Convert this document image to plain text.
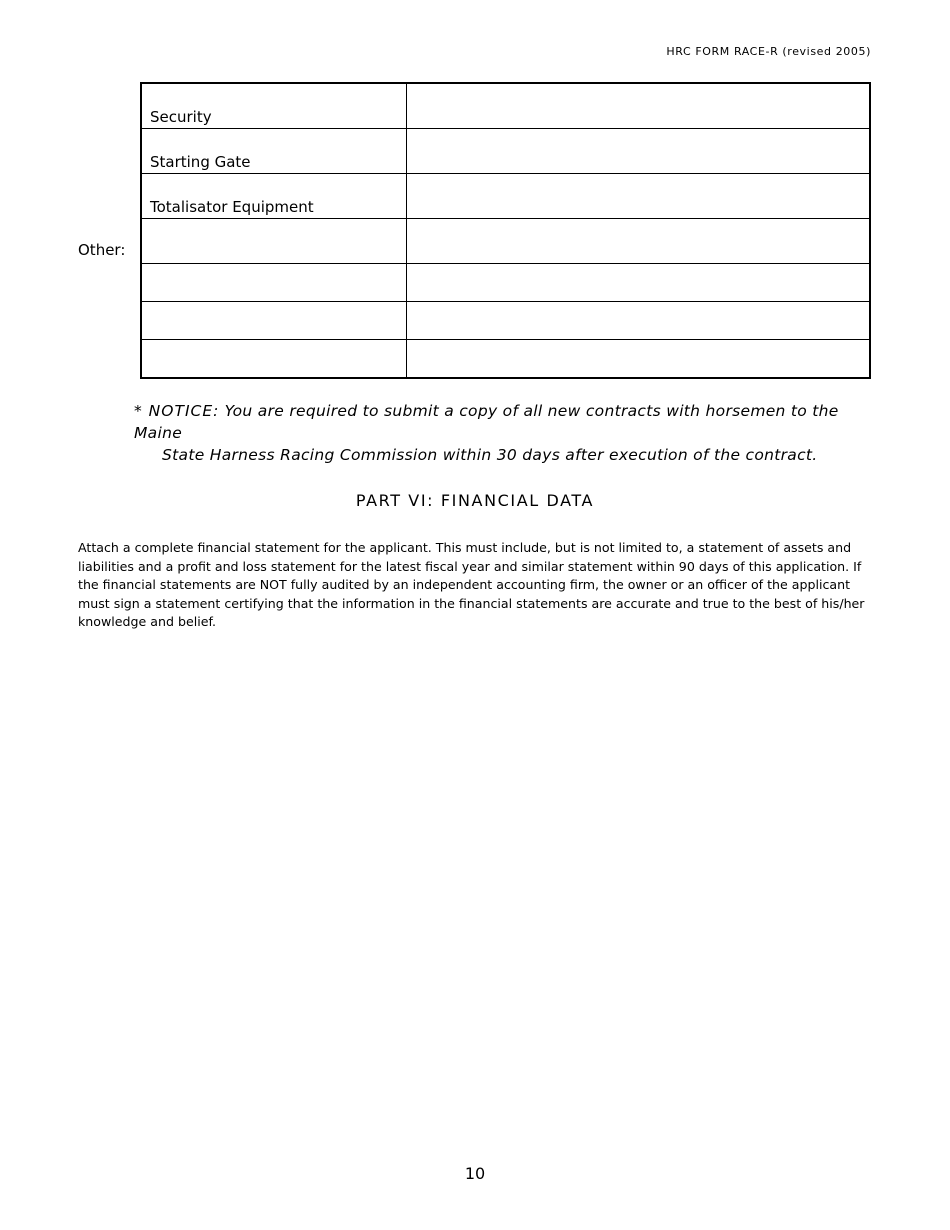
HRC FORM RACE-R (revised 2005)
Other:
Security	
Starting Gate	
Totalisator Equipment	

* NOTICE: You are required to submit a copy of all new contracts with horsemen to the Maine
State Harness Racing Commission within 30 days after execution of the contract.
PART VI: FINANCIAL DATA
Attach a complete financial statement for the applicant. This must include, but is not limited to, a statement of assets and liabilities and a profit and loss statement for the latest fiscal year and similar statement within 90 days of this application. If the financial statements are NOT fully audited by an independent accounting firm, the owner or an officer of the applicant must sign a statement certifying that the information in the financial statements are accurate and true to the best of his/her knowledge and belief.
10
